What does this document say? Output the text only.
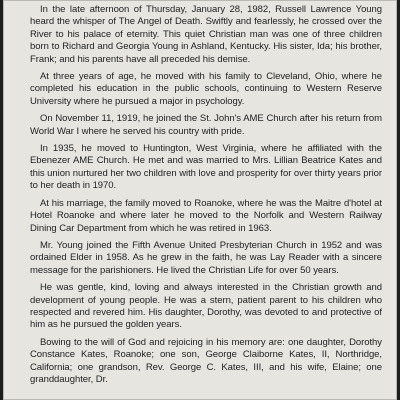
In the late afternoon of Thursday, January 28, 1982, Russell Lawrence Young heard the whisper of The Angel of Death. Swiftly and fearlessly, he crossed over the River to his palace of eternity. This quiet Christian man was one of three children born to Richard and Georgia Young in Ashland, Kentucky. His sister, Ida; his brother, Frank; and his parents have all preceded his demise.

At three years of age, he moved with his family to Cleveland, Ohio, where he completed his education in the public schools, continuing to Western Reserve University where he pursued a major in psychology.

On November 11, 1919, he joined the St. John's AME Church after his return from World War I where he served his country with pride.

In 1935, he moved to Huntington, West Virginia, where he affiliated with the Ebenezer AME Church. He met and was married to Mrs. Lillian Beatrice Kates and this union nurtured her two children with love and prosperity for over thirty years prior to her death in 1970.

At his marriage, the family moved to Roanoke, where he was the Maitre d'hotel at Hotel Roanoke and where later he moved to the Norfolk and Western Railway Dining Car Department from which he was retired in 1963.

Mr. Young joined the Fifth Avenue United Presbyterian Church in 1952 and was ordained Elder in 1958. As he grew in the faith, he was Lay Reader with a sincere message for the parishioners. He lived the Christian Life for over 50 years.

He was gentle, kind, loving and always interested in the Christian growth and development of young people. He was a stern, patient parent to his children who respected and revered him. His daughter, Dorothy, was devoted to and protective of him as he pursued the golden years.

Bowing to the will of God and rejoicing in his memory are: one daughter, Dorothy Constance Kates, Roanoke; one son, George Claiborne Kates, II, Northridge, California; one grandson, Rev. George C. Kates, III, and his wife, Elaine; one granddaughter, Dr.
